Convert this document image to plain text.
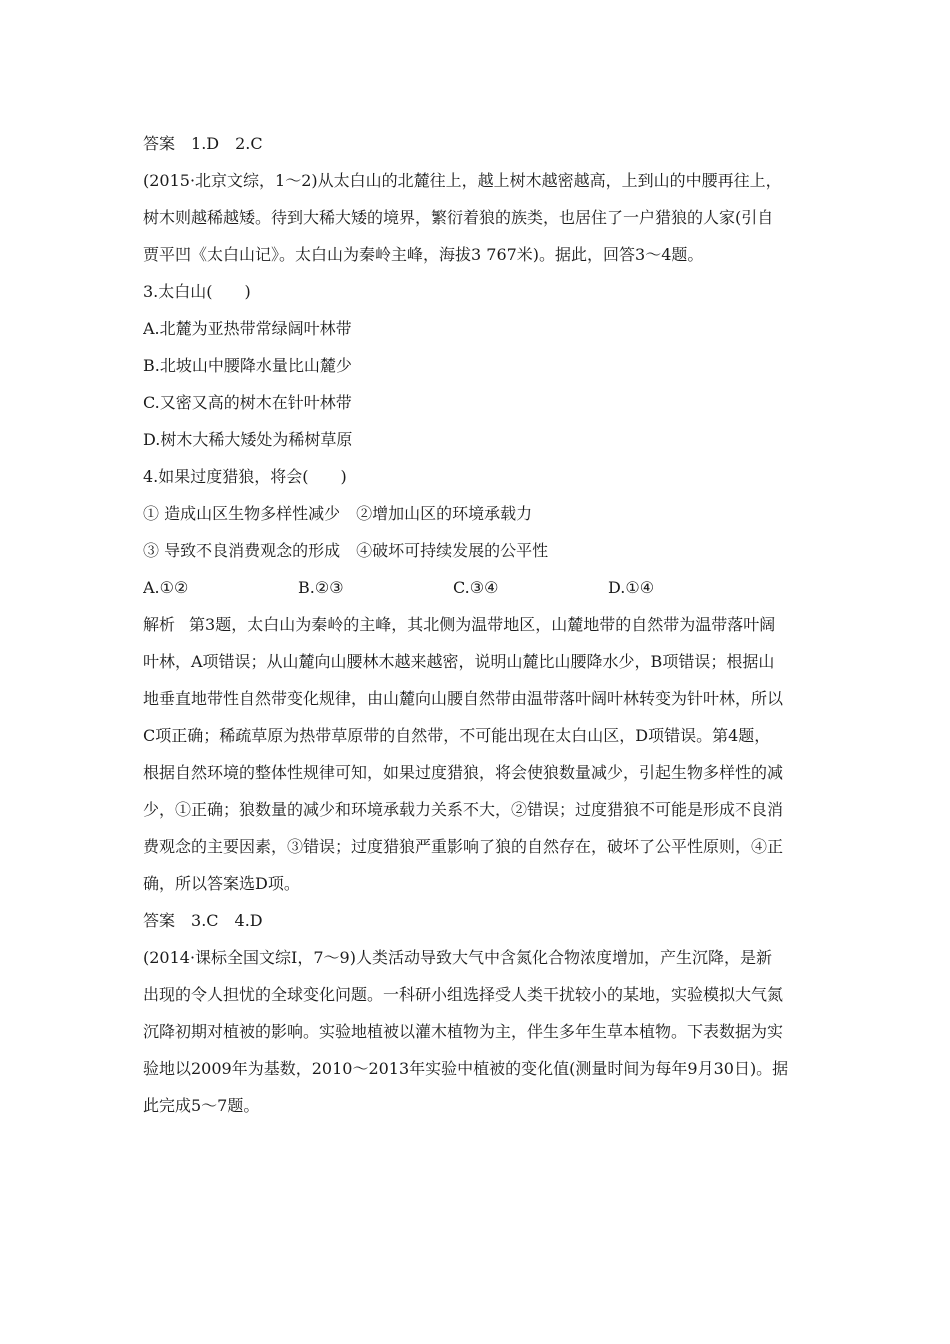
答案 1.D　2.C
(2015·北京文综，1～2)从太白山的北麓往上，越上树木越密越高，上到山的中腰再往上，
树木则越稀越矮。待到大稀大矮的境界，繁衍着狼的族类，也居住了一户猎狼的人家(引自
贾平凹《太白山记》。太白山为秦岭主峰，海拔3 767米)。据此，回答3～4题。
3.太白山(　　)
A.北麓为亚热带常绿阔叶林带
B.北坡山中腰降水量比山麓少
C.又密又高的树木在针叶林带
D.树木大稀大矮处为稀树草原
4.如果过度猎狼，将会(　　)
① 造成山区生物多样性减少　②增加山区的环境承载力
③ 导致不良消费观念的形成　④破坏可持续发展的公平性
A.①②	B.②③	C.③④	D.①④
解析 第3题，太白山为秦岭的主峰，其北侧为温带地区，山麓地带的自然带为温带落叶阔
叶林，A项错误；从山麓向山腰林木越来越密，说明山麓比山腰降水少，B项错误；根据山
地垂直地带性自然带变化规律，由山麓向山腰自然带由温带落叶阔叶林转变为针叶林，所以
C项正确；稀疏草原为热带草原带的自然带，不可能出现在太白山区，D项错误。第4题，
根据自然环境的整体性规律可知，如果过度猎狼，将会使狼数量减少，引起生物多样性的减
少，①正确；狼数量的减少和环境承载力关系不大，②错误；过度猎狼不可能是形成不良消
费观念的主要因素，③错误；过度猎狼严重影响了狼的自然存在，破坏了公平性原则，④正
确，所以答案选D项。
答案 3.C　4.D
(2014·课标全国文综Ⅰ，7～9)人类活动导致大气中含氮化合物浓度增加，产生沉降，是新
出现的令人担忧的全球变化问题。一科研小组选择受人类干扰较小的某地，实验模拟大气氮
沉降初期对植被的影响。实验地植被以灌木植物为主，伴生多年生草本植物。下表数据为实
验地以2009年为基数，2010～2013年实验中植被的变化值(测量时间为每年9月30日)。据
此完成5～7题。
